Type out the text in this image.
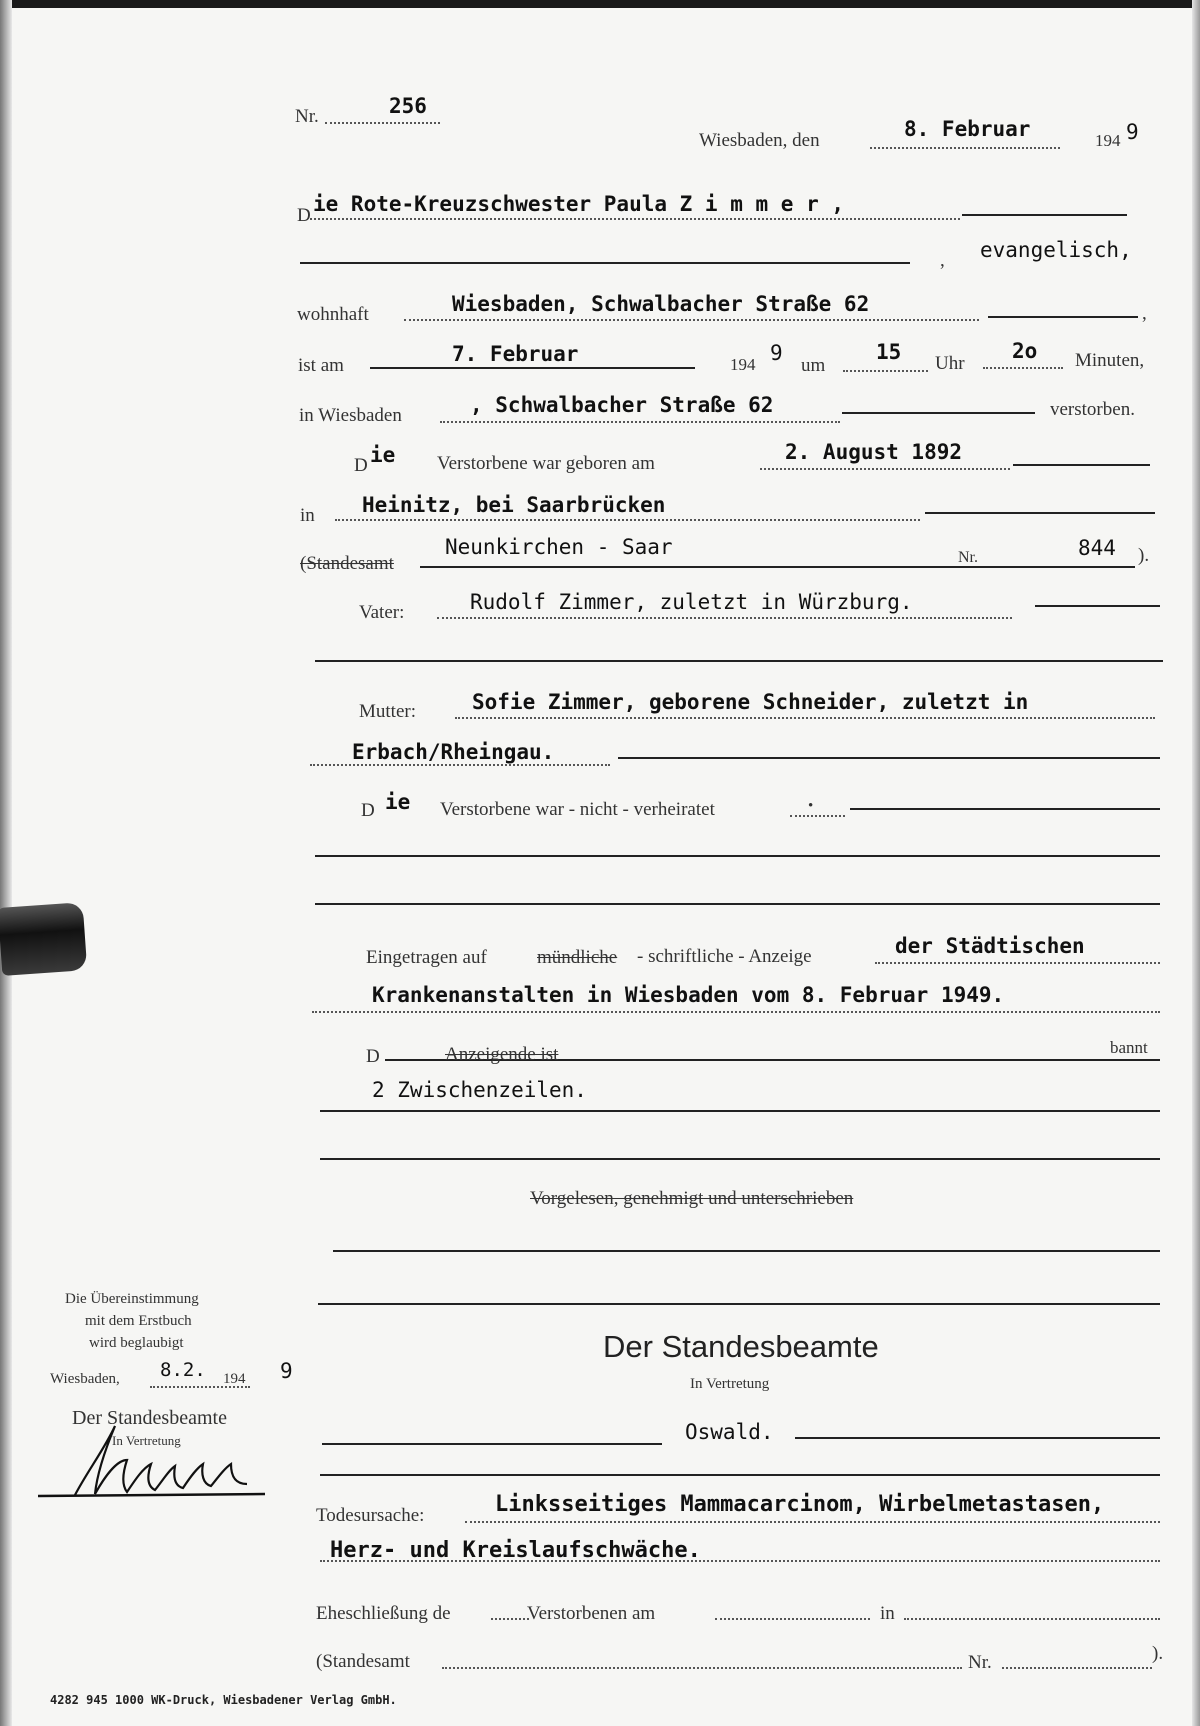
Nr.	256
Wiesbaden, den	8. Februar	194 9
D ie Rote-Kreuzschwester Paula Z i m m e r ,
, evangelisch,
wohnhaft	Wiesbaden, Schwalbacher Straße 62	,
ist am	7. Februar	194 9
um
15 Uhr
2o Minuten,
in Wiesbaden	, Schwalbacher Straße 62	verstorben.
D ie Verstorbene war geboren am	2. August 1892
in Heinitz, bei Saarbrücken
(Standesamt
Neunkirchen - Saar	Nr.	844 ).
Vater:	Rudolf Zimmer, zuletzt in Würzburg.
Mutter:	Sofie Zimmer, geborene Schneider, zuletzt in
Erbach/Rheingau.
D ie Verstorbene war - nicht - verheiratet	•
Eingetragen auf	mündliche - schriftliche - Anzeige	der Städtischen
Krankenanstalten in Wiesbaden vom 8. Februar 1949.
D	Anzeigende ist	bannt
2 Zwischenzeilen.
Vorgelesen, genehmigt und unterschrieben
Der Standesbeamte
In Vertretung
Oswald.
Die Übereinstimmung
mit dem Erstbuch
wird beglaubigt
Wiesbaden, 8.2. 194 9
Der Standesbeamte
In Vertretung
Todesursache:	Linksseitiges Mammacarcinom, Wirbelmetastasen,
Herz- und Kreislaufschwäche.
Eheschließung de	Verstorbenen am	in
(Standesamt	Nr.	).
4282 945 1000 WK-Druck, Wiesbadener Verlag GmbH.
